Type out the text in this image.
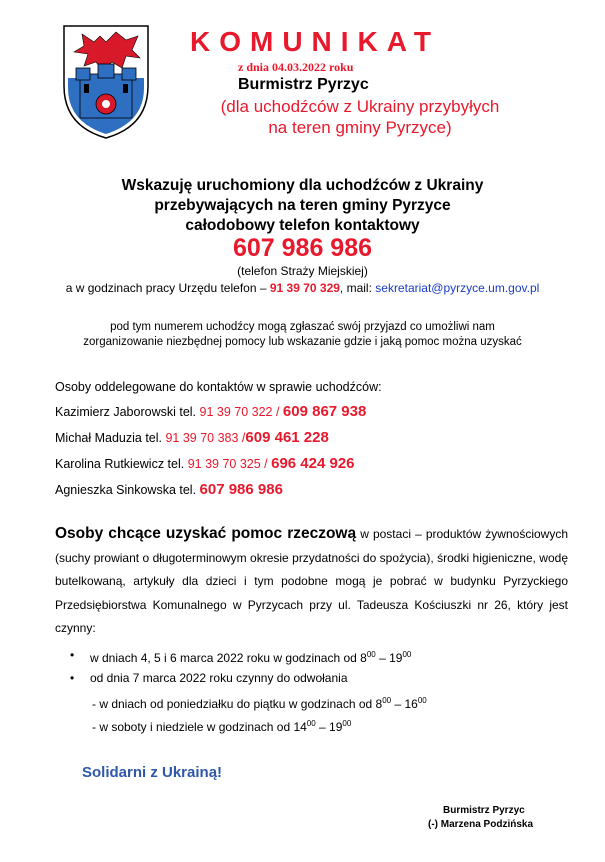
KOMUNIKAT
z dnia 04.03.2022 roku
Burmistrz Pyrzyc
(dla uchodźców z Ukrainy przybyłych
na teren gminy Pyrzyce)
Wskazuję uruchomiony dla uchodźców z Ukrainy
przebywających na teren gminy Pyrzyce
całodobowy telefon kontaktowy
607 986 986
(telefon Straży Miejskiej)
a w godzinach pracy Urzędu telefon – 91 39 70 329, mail: sekretariat@pyrzyce.um.gov.pl
pod tym numerem uchodźcy mogą zgłaszać swój przyjazd co umożliwi nam
zorganizowanie niezbędnej pomocy lub wskazanie gdzie i jaką pomoc można uzyskać
Osoby oddelegowane do kontaktów w sprawie uchodźców:
Kazimierz Jaborowski tel. 91 39 70 322 / 609 867 938
Michał Maduzia tel. 91 39 70 383 /609 461 228
Karolina Rutkiewicz tel. 91 39 70 325 / 696 424 926
Agnieszka Sinkowska tel. 607 986 986
Osoby chcące uzyskać pomoc rzeczową w postaci – produktów żywnościowych (suchy prowiant o długoterminowym okresie przydatności do spożycia), środki higieniczne, wodę butelkowaną, artykuły dla dzieci i tym podobne mogą je pobrać w budynku Pyrzyckiego Przedsiębiorstwa Komunalnego w Pyrzycach przy ul. Tadeusza Kościuszki nr 26, który jest czynny:
• w dniach 4, 5 i 6 marca 2022 roku w godzinach od $8^{00} - 19^{00}$
• od dnia 7 marca 2022 roku czynny do odwołania
- w dniach od poniedziałku do piątku w godzinach od $8^{00} - 16^{00}$
- w soboty i niedziele w godzinach od $14^{00} - 19^{00}$
Solidarni z Ukrainą!
Burmistrz Pyrzyc
(-) Marzena Podzińska
